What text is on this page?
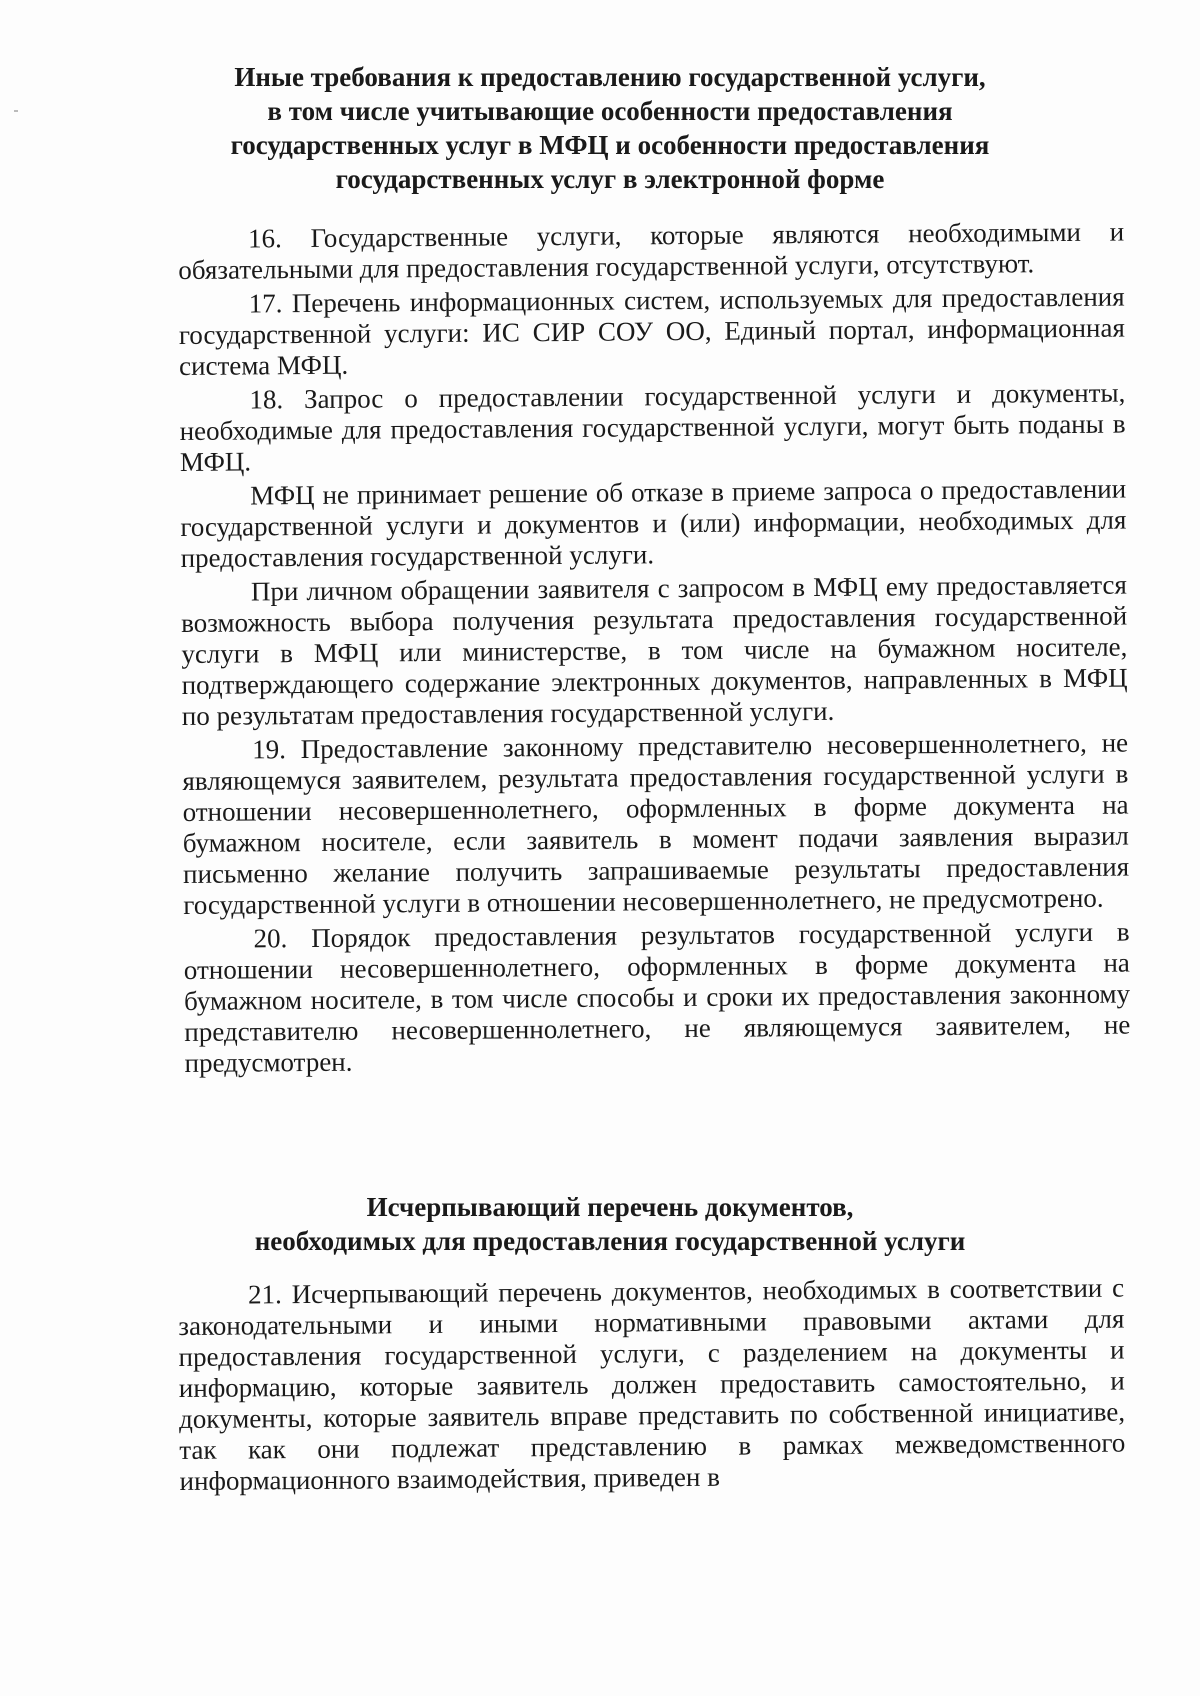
Иные требования к предоставлению государственной услуги,
в том числе учитывающие особенности предоставления
государственных услуг в МФЦ и особенности предоставления
государственных услуг в электронной форме

16. Государственные услуги, которые являются необходимыми и обязательными для предоставления государственной услуги, отсутствуют.

17. Перечень информационных систем, используемых для предоставления государственной услуги: ИС СИР СОУ ОО, Единый портал, информационная система МФЦ.

18. Запрос о предоставлении государственной услуги и документы, необходимые для предоставления государственной услуги, могут быть поданы в МФЦ.

МФЦ не принимает решение об отказе в приеме запроса о предоставлении государственной услуги и документов и (или) информации, необходимых для предоставления государственной услуги.

При личном обращении заявителя с запросом в МФЦ ему предоставляется возможность выбора получения результата предоставления государственной услуги в МФЦ или министерстве, в том числе на бумажном носителе, подтверждающего содержание электронных документов, направленных в МФЦ по результатам предоставления государственной услуги.

19. Предоставление законному представителю несовершеннолетнего, не являющемуся заявителем, результата предоставления государственной услуги в отношении несовершеннолетнего, оформленных в форме документа на бумажном носителе, если заявитель в момент подачи заявления выразил письменно желание получить запрашиваемые результаты предоставления государственной услуги в отношении несовершеннолетнего, не предусмотрено.

20. Порядок предоставления результатов государственной услуги в отношении несовершеннолетнего, оформленных в форме документа на бумажном носителе, в том числе способы и сроки их предоставления законному представителю несовершеннолетнего, не являющемуся заявителем, не предусмотрен.

Исчерпывающий перечень документов,
необходимых для предоставления государственной услуги

21. Исчерпывающий перечень документов, необходимых в соответствии с законодательными и иными нормативными правовыми актами для предоставления государственной услуги, с разделением на документы и информацию, которые заявитель должен предоставить самостоятельно, и документы, которые заявитель вправе представить по собственной инициативе, так как они подлежат представлению в рамках межведомственного информационного взаимодействия, приведен в
